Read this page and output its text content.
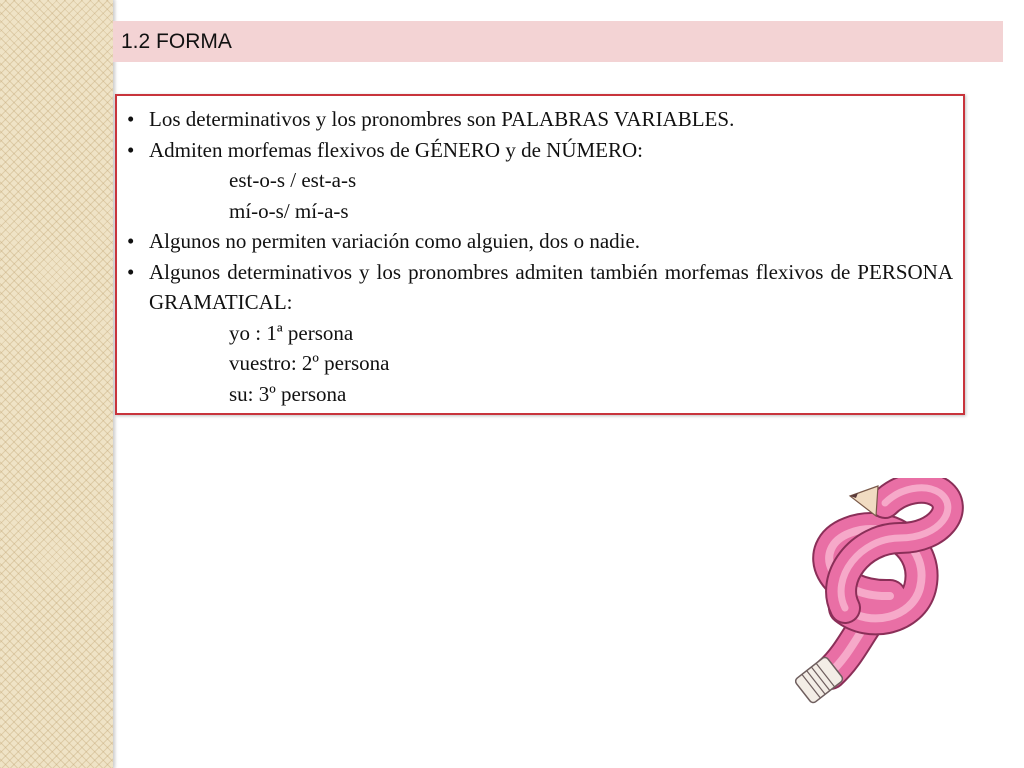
1.2 FORMA
• Los determinativos y los pronombres son PALABRAS VARIABLES.
• Admiten morfemas flexivos de GÉNERO y de NÚMERO:
est-o-s / est-a-s
mí-o-s/ mí-a-s
• Algunos no permiten variación como alguien, dos o nadie.
• Algunos determinativos y los pronombres admiten también morfemas flexivos de PERSONA GRAMATICAL:
yo : 1ª persona
vuestro: 2º persona
su: 3º persona
